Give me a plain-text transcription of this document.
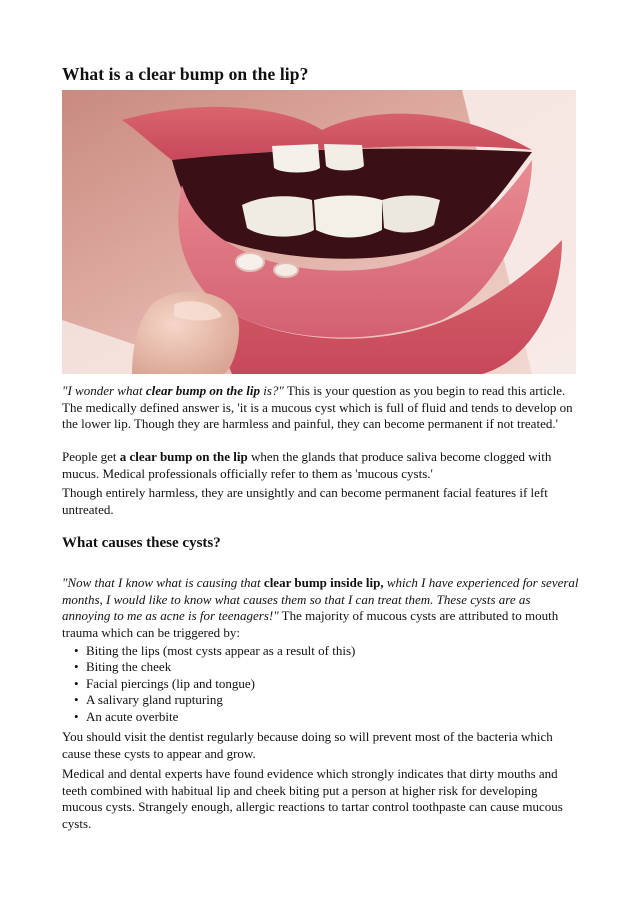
What is a clear bump on the lip?

"I wonder what clear bump on the lip is?" This is your question as you begin to read this article. The medically defined answer is, 'it is a mucous cyst which is full of fluid and tends to develop on the lower lip. Though they are harmless and painful, they can become permanent if not treated.'

People get a clear bump on the lip when the glands that produce saliva become clogged with mucus. Medical professionals officially refer to them as 'mucous cysts.'

Though entirely harmless, they are unsightly and can become permanent facial features if left untreated.

What causes these cysts?

"Now that I know what is causing that clear bump inside lip, which I have experienced for several months, I would like to know what causes them so that I can treat them. These cysts are as annoying to me as acne is for teenagers!" The majority of mucous cysts are attributed to mouth trauma which can be triggered by:

• Biting the lips (most cysts appear as a result of this)
• Biting the cheek
• Facial piercings (lip and tongue)
• A salivary gland rupturing
• An acute overbite

You should visit the dentist regularly because doing so will prevent most of the bacteria which cause these cysts to appear and grow.

Medical and dental experts have found evidence which strongly indicates that dirty mouths and teeth combined with habitual lip and cheek biting put a person at higher risk for developing mucous cysts. Strangely enough, allergic reactions to tartar control toothpaste can cause mucous cysts.
